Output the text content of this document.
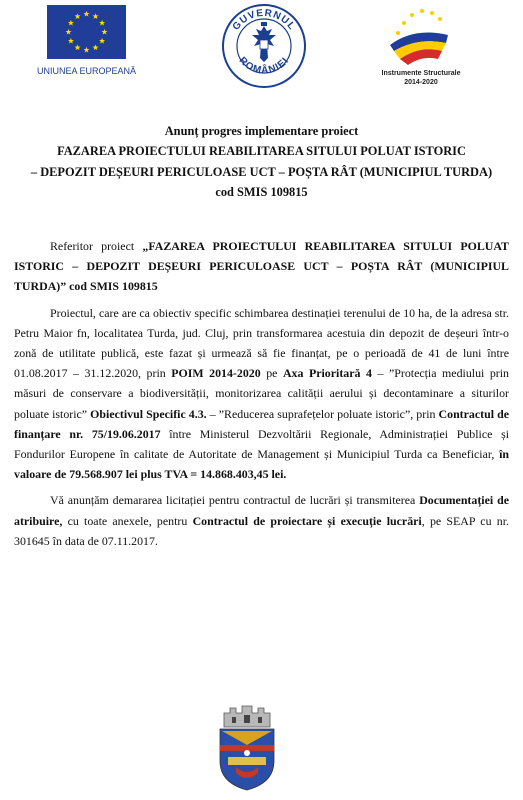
UNIUNEA EUROPEANĂ
GUVERNUL
ROMÂNIEI
Instrumente Structurale
2014-2020
Anunț progres implementare proiect
FAZAREA PROIECTULUI REABILITAREA SITULUI POLUAT ISTORIC
– DEPOZIT DEȘEURI PERICULOASE UCT – POȘTA RÂT (MUNICIPIUL TURDA)
cod SMIS 109815

Referitor proiect „FAZAREA PROIECTULUI REABILITAREA SITULUI POLUAT ISTORIC – DEPOZIT DEȘEURI PERICULOASE UCT – POȘTA RÂT (MUNICIPIUL TURDA)” cod SMIS 109815

Proiectul, care are ca obiectiv specific schimbarea destinației terenului de 10 ha, de la adresa str. Petru Maior fn, localitatea Turda, jud. Cluj, prin transformarea acestuia din depozit de deșeuri într-o zonă de utilitate publică, este fazat și urmează să fie finanțat, pe o perioadă de 41 de luni între 01.08.2017 – 31.12.2020, prin POIM 2014-2020 pe Axa Prioritară 4 – ”Protecția mediului prin măsuri de conservare a biodiversității, monitorizarea calității aerului și decontaminare a siturilor poluate istoric” Obiectivul Specific 4.3. – ”Reducerea suprafețelor poluate istoric”, prin Contractul de finanțare nr. 75/19.06.2017 între Ministerul Dezvoltării Regionale, Administrației Publice și Fondurilor Europene în calitate de Autoritate de Management și Municipiul Turda ca Beneficiar, în valoare de 79.568.907 lei plus TVA = 14.868.403,45 lei.

Vă anunțăm demararea licitației pentru contractul de lucrări și transmiterea Documentației de atribuire, cu toate anexele, pentru Contractul de proiectare și execuție lucrări, pe SEAP cu nr. 301645 în data de 07.11.2017.
